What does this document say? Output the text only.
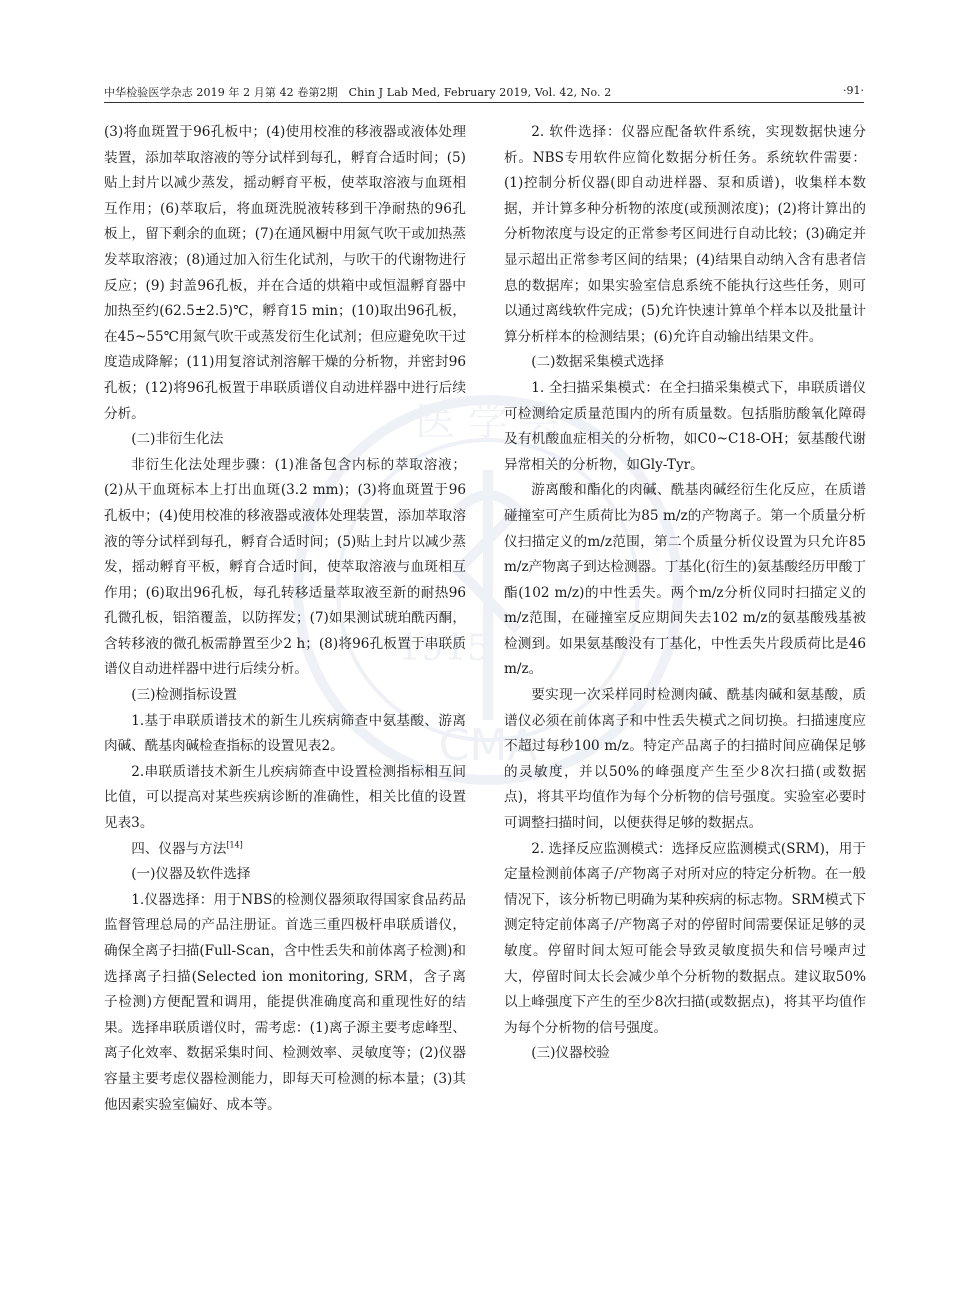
医 学 会
1915
CMA
中华检验医学杂志 2019 年 2 月第 42 卷第2期 Chin J Lab Med, February 2019, Vol. 42, No. 2	·91·

(3)将血斑置于96孔板中；(4)使用校准的移液器或液体处理装置，添加萃取溶液的等分试样到每孔，孵育合适时间；(5)贴上封片以减少蒸发，摇动孵育平板，使萃取溶液与血斑相互作用；(6)萃取后，将血斑洗脱液转移到干净耐热的96孔板上，留下剩余的血斑；(7)在通风橱中用氮气吹干或加热蒸发萃取溶液；(8)通过加入衍生化试剂，与吹干的代谢物进行反应；(9) 封盖96孔板，并在合适的烘箱中或恒温孵育器中加热至约(62.5±2.5)℃，孵育15 min；(10)取出96孔板，在45~55℃用氮气吹干或蒸发衍生化试剂；但应避免吹干过度造成降解；(11)用复溶试剂溶解干燥的分析物，并密封96孔板；(12)将96孔板置于串联质谱仪自动进样器中进行后续分析。

(二)非衍生化法

非衍生化法处理步骤：(1)准备包含内标的萃取溶液；(2)从干血斑标本上打出血斑(3.2 mm)；(3)将血斑置于96孔板中；(4)使用校准的移液器或液体处理装置，添加萃取溶液的等分试样到每孔，孵育合适时间；(5)贴上封片以减少蒸发，摇动孵育平板，孵育合适时间，使萃取溶液与血斑相互作用；(6)取出96孔板，每孔转移适量萃取液至新的耐热96孔微孔板，铝箔覆盖，以防挥发；(7)如果测试琥珀酰丙酮，含转移液的微孔板需静置至少2 h；(8)将96孔板置于串联质谱仪自动进样器中进行后续分析。

(三)检测指标设置

1.基于串联质谱技术的新生儿疾病筛查中氨基酸、游离肉碱、酰基肉碱检查指标的设置见表2。

2.串联质谱技术新生儿疾病筛查中设置检测指标相互间比值，可以提高对某些疾病诊断的准确性，相关比值的设置见表3。

四、仪器与方法[14]

(一)仪器及软件选择

1.仪器选择：用于NBS的检测仪器须取得国家食品药品监督管理总局的产品注册证。首选三重四极杆串联质谱仪，确保全离子扫描(Full-Scan，含中性丢失和前体离子检测)和选择离子扫描(Selected ion monitoring, SRM，含子离子检测)方便配置和调用，能提供准确度高和重现性好的结果。选择串联质谱仪时，需考虑：(1)离子源主要考虑峰型、离子化效率、数据采集时间、检测效率、灵敏度等；(2)仪器容量主要考虑仪器检测能力，即每天可检测的标本量；(3)其他因素实验室偏好、成本等。

2. 软件选择：仪器应配备软件系统，实现数据快速分析。NBS专用软件应简化数据分析任务。系统软件需要：(1)控制分析仪器(即自动进样器、泵和质谱)，收集样本数据，并计算多种分析物的浓度(或预测浓度)；(2)将计算出的分析物浓度与设定的正常参考区间进行自动比较；(3)确定并显示超出正常参考区间的结果；(4)结果自动纳入含有患者信息的数据库；如果实验室信息系统不能执行这些任务，则可以通过离线软件完成；(5)允许快速计算单个样本以及批量计算分析样本的检测结果；(6)允许自动输出结果文件。

(二)数据采集模式选择

1. 全扫描采集模式：在全扫描采集模式下，串联质谱仪可检测给定质量范围内的所有质量数。包括脂肪酸氧化障碍及有机酸血症相关的分析物，如C0~C18-OH；氨基酸代谢异常相关的分析物，如Gly-Tyr。

游离酸和酯化的肉碱、酰基肉碱经衍生化反应，在质谱碰撞室可产生质荷比为85 m/z的产物离子。第一个质量分析仪扫描定义的m/z范围，第二个质量分析仪设置为只允许85 m/z产物离子到达检测器。丁基化(衍生的)氨基酸经历甲酸丁酯(102 m/z)的中性丢失。两个m/z分析仪同时扫描定义的m/z范围，在碰撞室反应期间失去102 m/z的氨基酸残基被检测到。如果氨基酸没有丁基化，中性丢失片段质荷比是46 m/z。

要实现一次采样同时检测肉碱、酰基肉碱和氨基酸，质谱仪必须在前体离子和中性丢失模式之间切换。扫描速度应不超过每秒100 m/z。特定产品离子的扫描时间应确保足够的灵敏度，并以50%的峰强度产生至少8次扫描(或数据点)，将其平均值作为每个分析物的信号强度。实验室必要时可调整扫描时间，以便获得足够的数据点。

2. 选择反应监测模式：选择反应监测模式(SRM)，用于定量检测前体离子/产物离子对所对应的特定分析物。在一般情况下，该分析物已明确为某种疾病的标志物。SRM模式下测定特定前体离子/产物离子对的停留时间需要保证足够的灵敏度。停留时间太短可能会导致灵敏度损失和信号噪声过大，停留时间太长会减少单个分析物的数据点。建议取50%以上峰强度下产生的至少8次扫描(或数据点)，将其平均值作为每个分析物的信号强度。

(三)仪器校验
